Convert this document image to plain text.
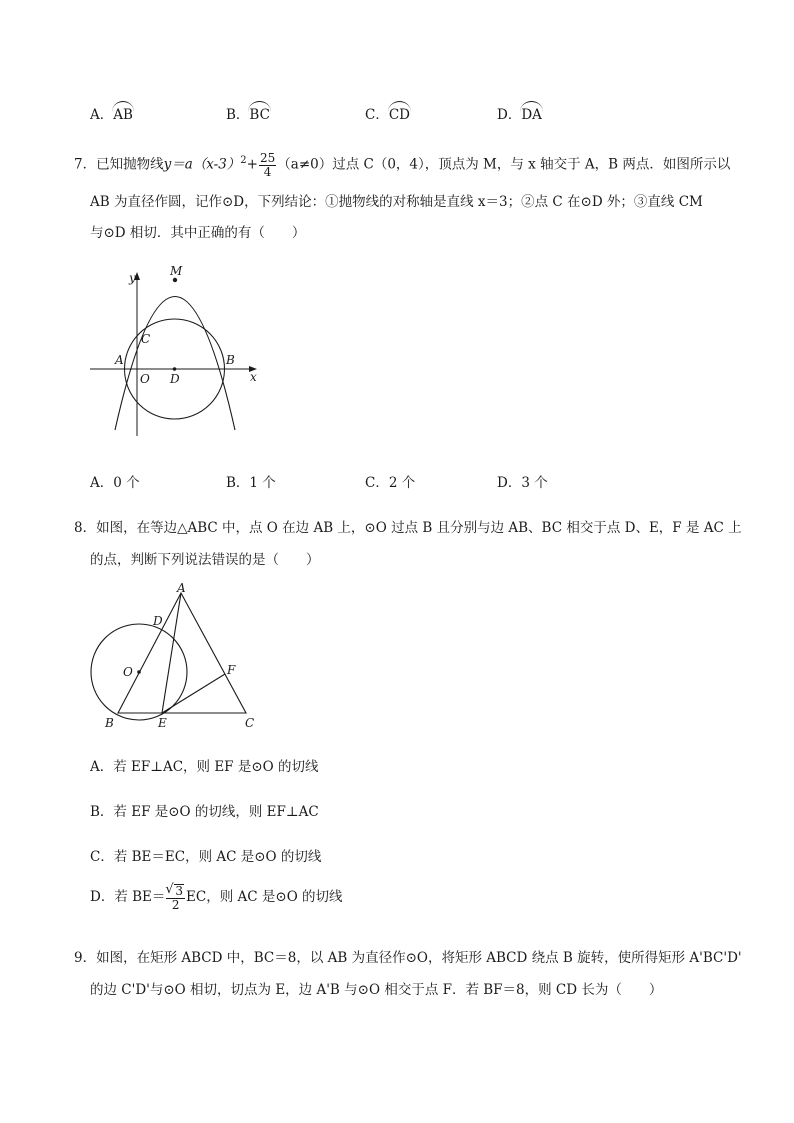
A．AB	B．BC	C．CD	D．DA
7．已知抛物线$y=a(x-3)^2+ \frac{25}{4} (a\ne 0)$过点 C（0，4），顶点为 M，与 x 轴交于 A，B 两点．如图所示以
AB 为直径作圆，记作⊙D，下列结论：①抛物线的对称轴是直线 x＝3；②点 C 在⊙D 外；③直线 CM
与⊙D 相切．其中正确的有（　　）
y	M
C
A
O D
B
x
A．0 个	B．1 个	C．2 个	D．3 个
8．如图，在等边△ABC 中，点 O 在边 AB 上，⊙O 过点 B 且分别与边 AB、BC 相交于点 D、E，F 是 AC 上
的点，判断下列说法错误的是（　　）
A
D
O	F
B	E	C
A．若 EF⊥AC，则 EF 是⊙O 的切线
B．若 EF 是⊙O 的切线，则 EF⊥AC
C．若 BE＝EC，则 AC 是⊙O 的切线
D．若 BE＝
√ $\frac{3}{2}$ EC，则 AC 是⊙O 的切线
9．如图，在矩形 ABCD 中，BC＝8，以 AB 为直径作⊙O，将矩形 ABCD 绕点 B 旋转，使所得矩形 A'BC'D'
的边 C'D'与⊙O 相切，切点为 E，边 A'B 与⊙O 相交于点 F．若 BF＝8，则 CD 长为（　　）
